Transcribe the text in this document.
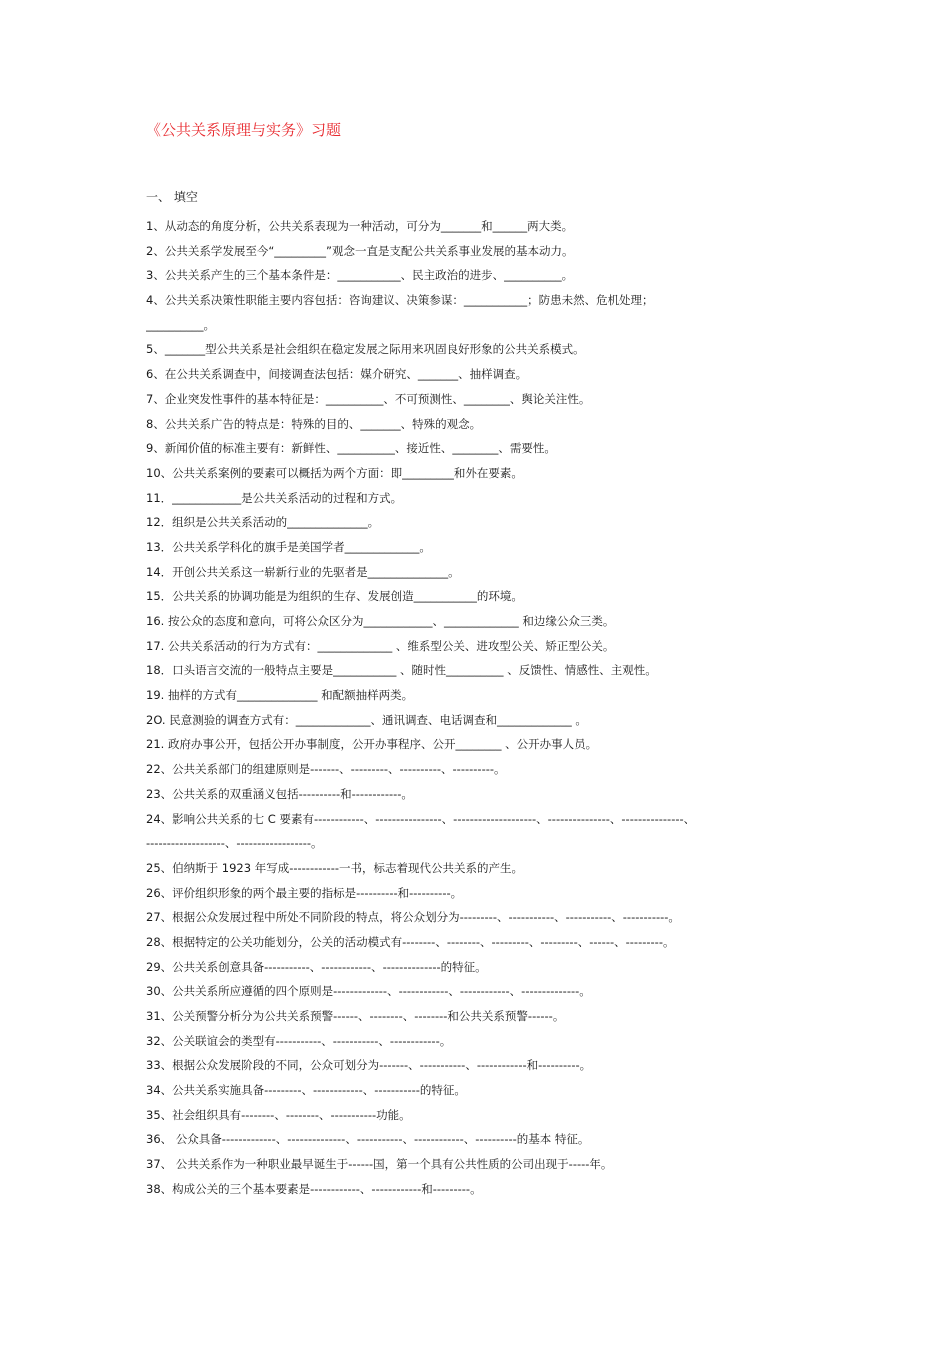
《公共关系原理与实务》习题
一、 填空
1、从动态的角度分析，公共关系表现为一种活动，可分为_______和______两大类。
2、公共关系学发展至今“_________”观念一直是支配公共关系事业发展的基本动力。
3、公共关系产生的三个基本条件是：___________、民主政治的进步、__________。
4、公共关系决策性职能主要内容包括：咨询建议、决策参谋：___________；防患未然、危机处理；
__________。
5、_______型公共关系是社会组织在稳定发展之际用来巩固良好形象的公共关系模式。
6、在公共关系调查中，间接调查法包括：媒介研究、_______、抽样调查。
7、企业突发性事件的基本特征是：__________、不可预测性、________、舆论关注性。
8、公共关系广告的特点是：特殊的目的、_______、特殊的观念。
9、新闻价值的标准主要有：新鲜性、__________、接近性、________、需要性。
10、公共关系案例的要素可以概括为两个方面：即_________和外在要素。
11．____________是公共关系活动的过程和方式。
12．组织是公共关系活动的______________。
13．公共关系学科化的旗手是美国学者_____________。
14．开创公共关系这一崭新行业的先驱者是______________。
15．公共关系的协调功能是为组织的生存、发展创造___________的环境。
16. 按公众的态度和意向，可将公众区分为____________、_____________ 和边缘公众三类。
17. 公共关系活动的行为方式有：_____________ 、维系型公关、进攻型公关、矫正型公关。
18．口头语言交流的一般特点主要是___________ 、随时性__________ 、反馈性、情感性、主观性。
19. 抽样的方式有______________ 和配额抽样两类。
2O. 民意测验的调查方式有：_____________、通讯调查、电话调查和_____________ 。
21. 政府办事公开，包括公开办事制度，公开办事程序、公开________ 、公开办事人员。
22、公共关系部门的组建原则是-------、---------、----------、----------。
23、公共关系的双重涵义包括----------和------------。
24、影响公共关系的七 C 要素有------------、----------------、--------------------、---------------、---------------、
-------------------、------------------。
25、伯纳斯于 1923 年写成------------一书，标志着现代公共关系的产生。
26、评价组织形象的两个最主要的指标是----------和----------。
27、根据公众发展过程中所处不同阶段的特点，将公众划分为---------、-----------、-----------、-----------。
28、根据特定的公关功能划分，公关的活动模式有--------、--------、---------、---------、------、---------。
29、公共关系创意具备-----------、------------、--------------的特征。
30、公共关系所应遵循的四个原则是-------------、------------、------------、--------------。
31、公关预警分析分为公共关系预警------、--------、--------和公共关系预警------。
32、公关联谊会的类型有-----------、-----------、------------。
33、根据公众发展阶段的不同，公众可划分为-------、-----------、------------和----------。
34、公共关系实施具备---------、------------、-----------的特征。
35、社会组织具有--------、--------、-----------功能。
36、 公众具备-------------、--------------、-----------、------------、----------的基本 特征。
37、 公共关系作为一种职业最早诞生于------国，第一个具有公共性质的公司出现于-----年。
38、构成公关的三个基本要素是------------、------------和---------。
